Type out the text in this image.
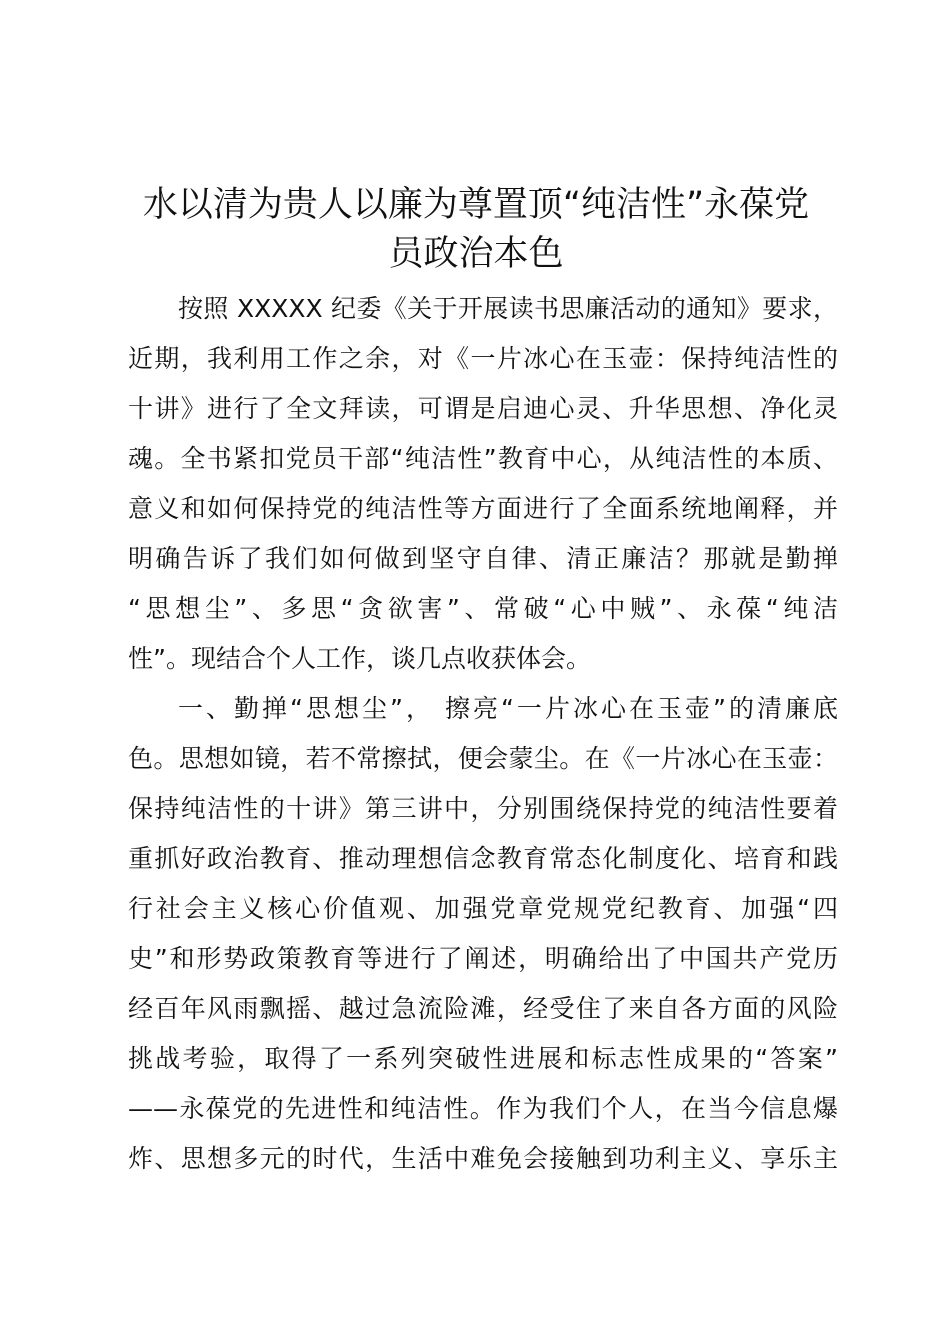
水以清为贵人以廉为尊置顶“纯洁性”永葆党
员政治本色
按照 XXXXX 纪委《关于开展读书思廉活动的通知》要求，
近期，我利用工作之余，对《一片冰心在玉壶：保持纯洁性的
十讲》进行了全文拜读，可谓是启迪心灵、升华思想、净化灵
魂。全书紧扣党员干部“纯洁性”教育中心，从纯洁性的本质、
意义和如何保持党的纯洁性等方面进行了全面系统地阐释，并
明确告诉了我们如何做到坚守自律、清正廉洁？那就是勤掸
“思想尘”、多思“贪欲害”、常破“心中贼”、永葆“纯洁
性”。现结合个人工作，谈几点收获体会。
一、勤掸“思想尘”， 擦亮“一片冰心在玉壶”的清廉底
色。思想如镜，若不常擦拭，便会蒙尘。在《一片冰心在玉壶：
保持纯洁性的十讲》第三讲中，分别围绕保持党的纯洁性要着
重抓好政治教育、推动理想信念教育常态化制度化、培育和践
行社会主义核心价值观、加强党章党规党纪教育、加强“四
史”和形势政策教育等进行了阐述，明确给出了中国共产党历
经百年风雨飘摇、越过急流险滩，经受住了来自各方面的风险
挑战考验，取得了一系列突破性进展和标志性成果的“答案”
——永葆党的先进性和纯洁性。作为我们个人，在当今信息爆
炸、思想多元的时代，生活中难免会接触到功利主义、享乐主
